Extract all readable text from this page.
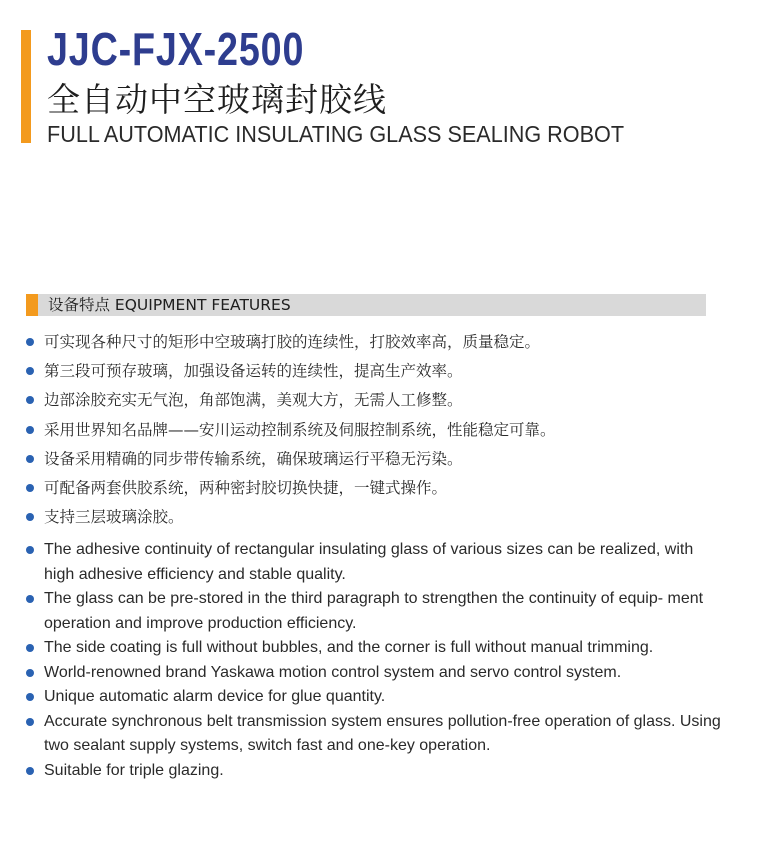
JJC-FJX-2500
全自动中空玻璃封胶线
FULL AUTOMATIC INSULATING GLASS SEALING ROBOT
设备特点 EQUIPMENT FEATURES
可实现各种尺寸的矩形中空玻璃打胶的连续性，打胶效率高，质量稳定。
第三段可预存玻璃，加强设备运转的连续性，提高生产效率。
边部涂胶充实无气泡，角部饱满，美观大方，无需人工修整。
采用世界知名品牌——安川运动控制系统及伺服控制系统，性能稳定可靠。
设备采用精确的同步带传输系统，确保玻璃运行平稳无污染。
可配备两套供胶系统，两种密封胶切换快捷，一键式操作。
支持三层玻璃涂胶。
The adhesive continuity of rectangular insulating glass of various sizes can be realized, with high adhesive efficiency and stable quality.
The glass can be pre-stored in the third paragraph to strengthen the continuity of equip- ment operation and improve production efficiency.
The side coating is full without bubbles, and the corner is full without manual trimming.
World-renowned brand Yaskawa motion control system and servo control system.
Unique automatic alarm device for glue quantity.
Accurate synchronous belt transmission system ensures pollution-free operation of glass. Using two sealant supply systems, switch fast and one-key operation.
Suitable for triple glazing.
